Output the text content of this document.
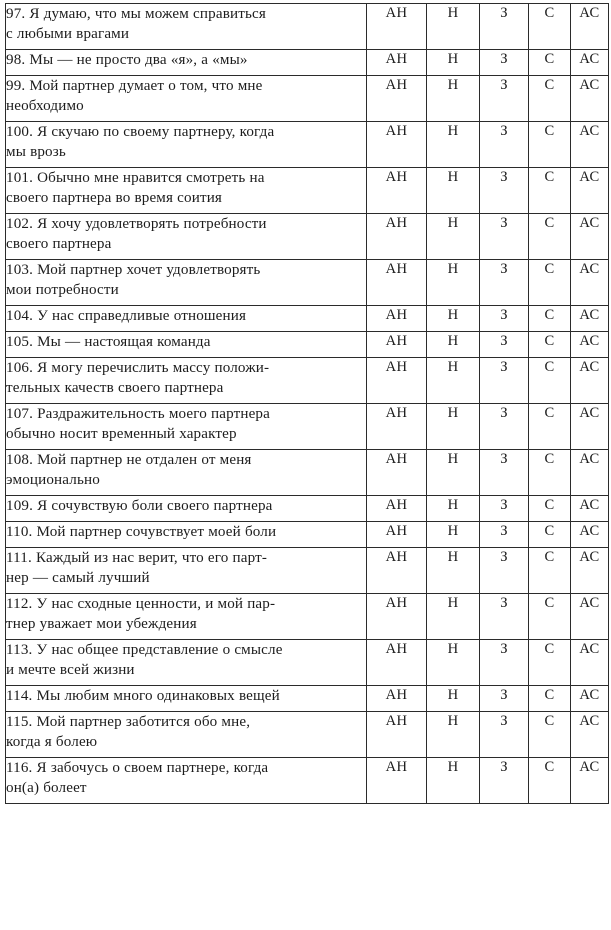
97. Я думаю, что мы можем справиться
с любыми врагами	АН	Н	З	С	АС

98. Мы — не просто два «я», а «мы»	АН	Н	З	С	АС

99. Мой партнер думает о том, что мне
необходимо	АН	Н	З	С	АС

100. Я скучаю по своему партнеру, когда
мы врозь	АН	Н	З	С	АС

101. Обычно мне нравится смотреть на
своего партнера во время соития	АН	Н	З	С	АС

102. Я хочу удовлетворять потребности
своего партнера	АН	Н	З	С	АС

103. Мой партнер хочет удовлетворять
мои потребности	АН	Н	З	С	АС

104. У нас справедливые отношения	АН	Н	З	С	АС

105. Мы — настоящая команда	АН	Н	З	С	АС

106. Я могу перечислить массу положи-
тельных качеств своего партнера	АН	Н	З	С	АС

107. Раздражительность моего партнера
обычно носит временный характер	АН	Н	З	С	АС

108. Мой партнер не отдален от меня
эмоционально	АН	Н	З	С	АС

109. Я сочувствую боли своего партнера	АН	Н	З	С	АС

110. Мой партнер сочувствует моей боли	АН	Н	З	С	АС

111. Каждый из нас верит, что его парт-
нер — самый лучший	АН	Н	З	С	АС

112. У нас сходные ценности, и мой пар-
тнер уважает мои убеждения	АН	Н	З	С	АС

113. У нас общее представление о смысле
и мечте всей жизни	АН	Н	З	С	АС

114. Мы любим много одинаковых вещей	АН	Н	З	С	АС

115. Мой партнер заботится обо мне,
когда я болею	АН	Н	З	С	АС

116. Я забочусь о своем партнере, когда
он(а) болеет	АН	Н	З	С	АС
